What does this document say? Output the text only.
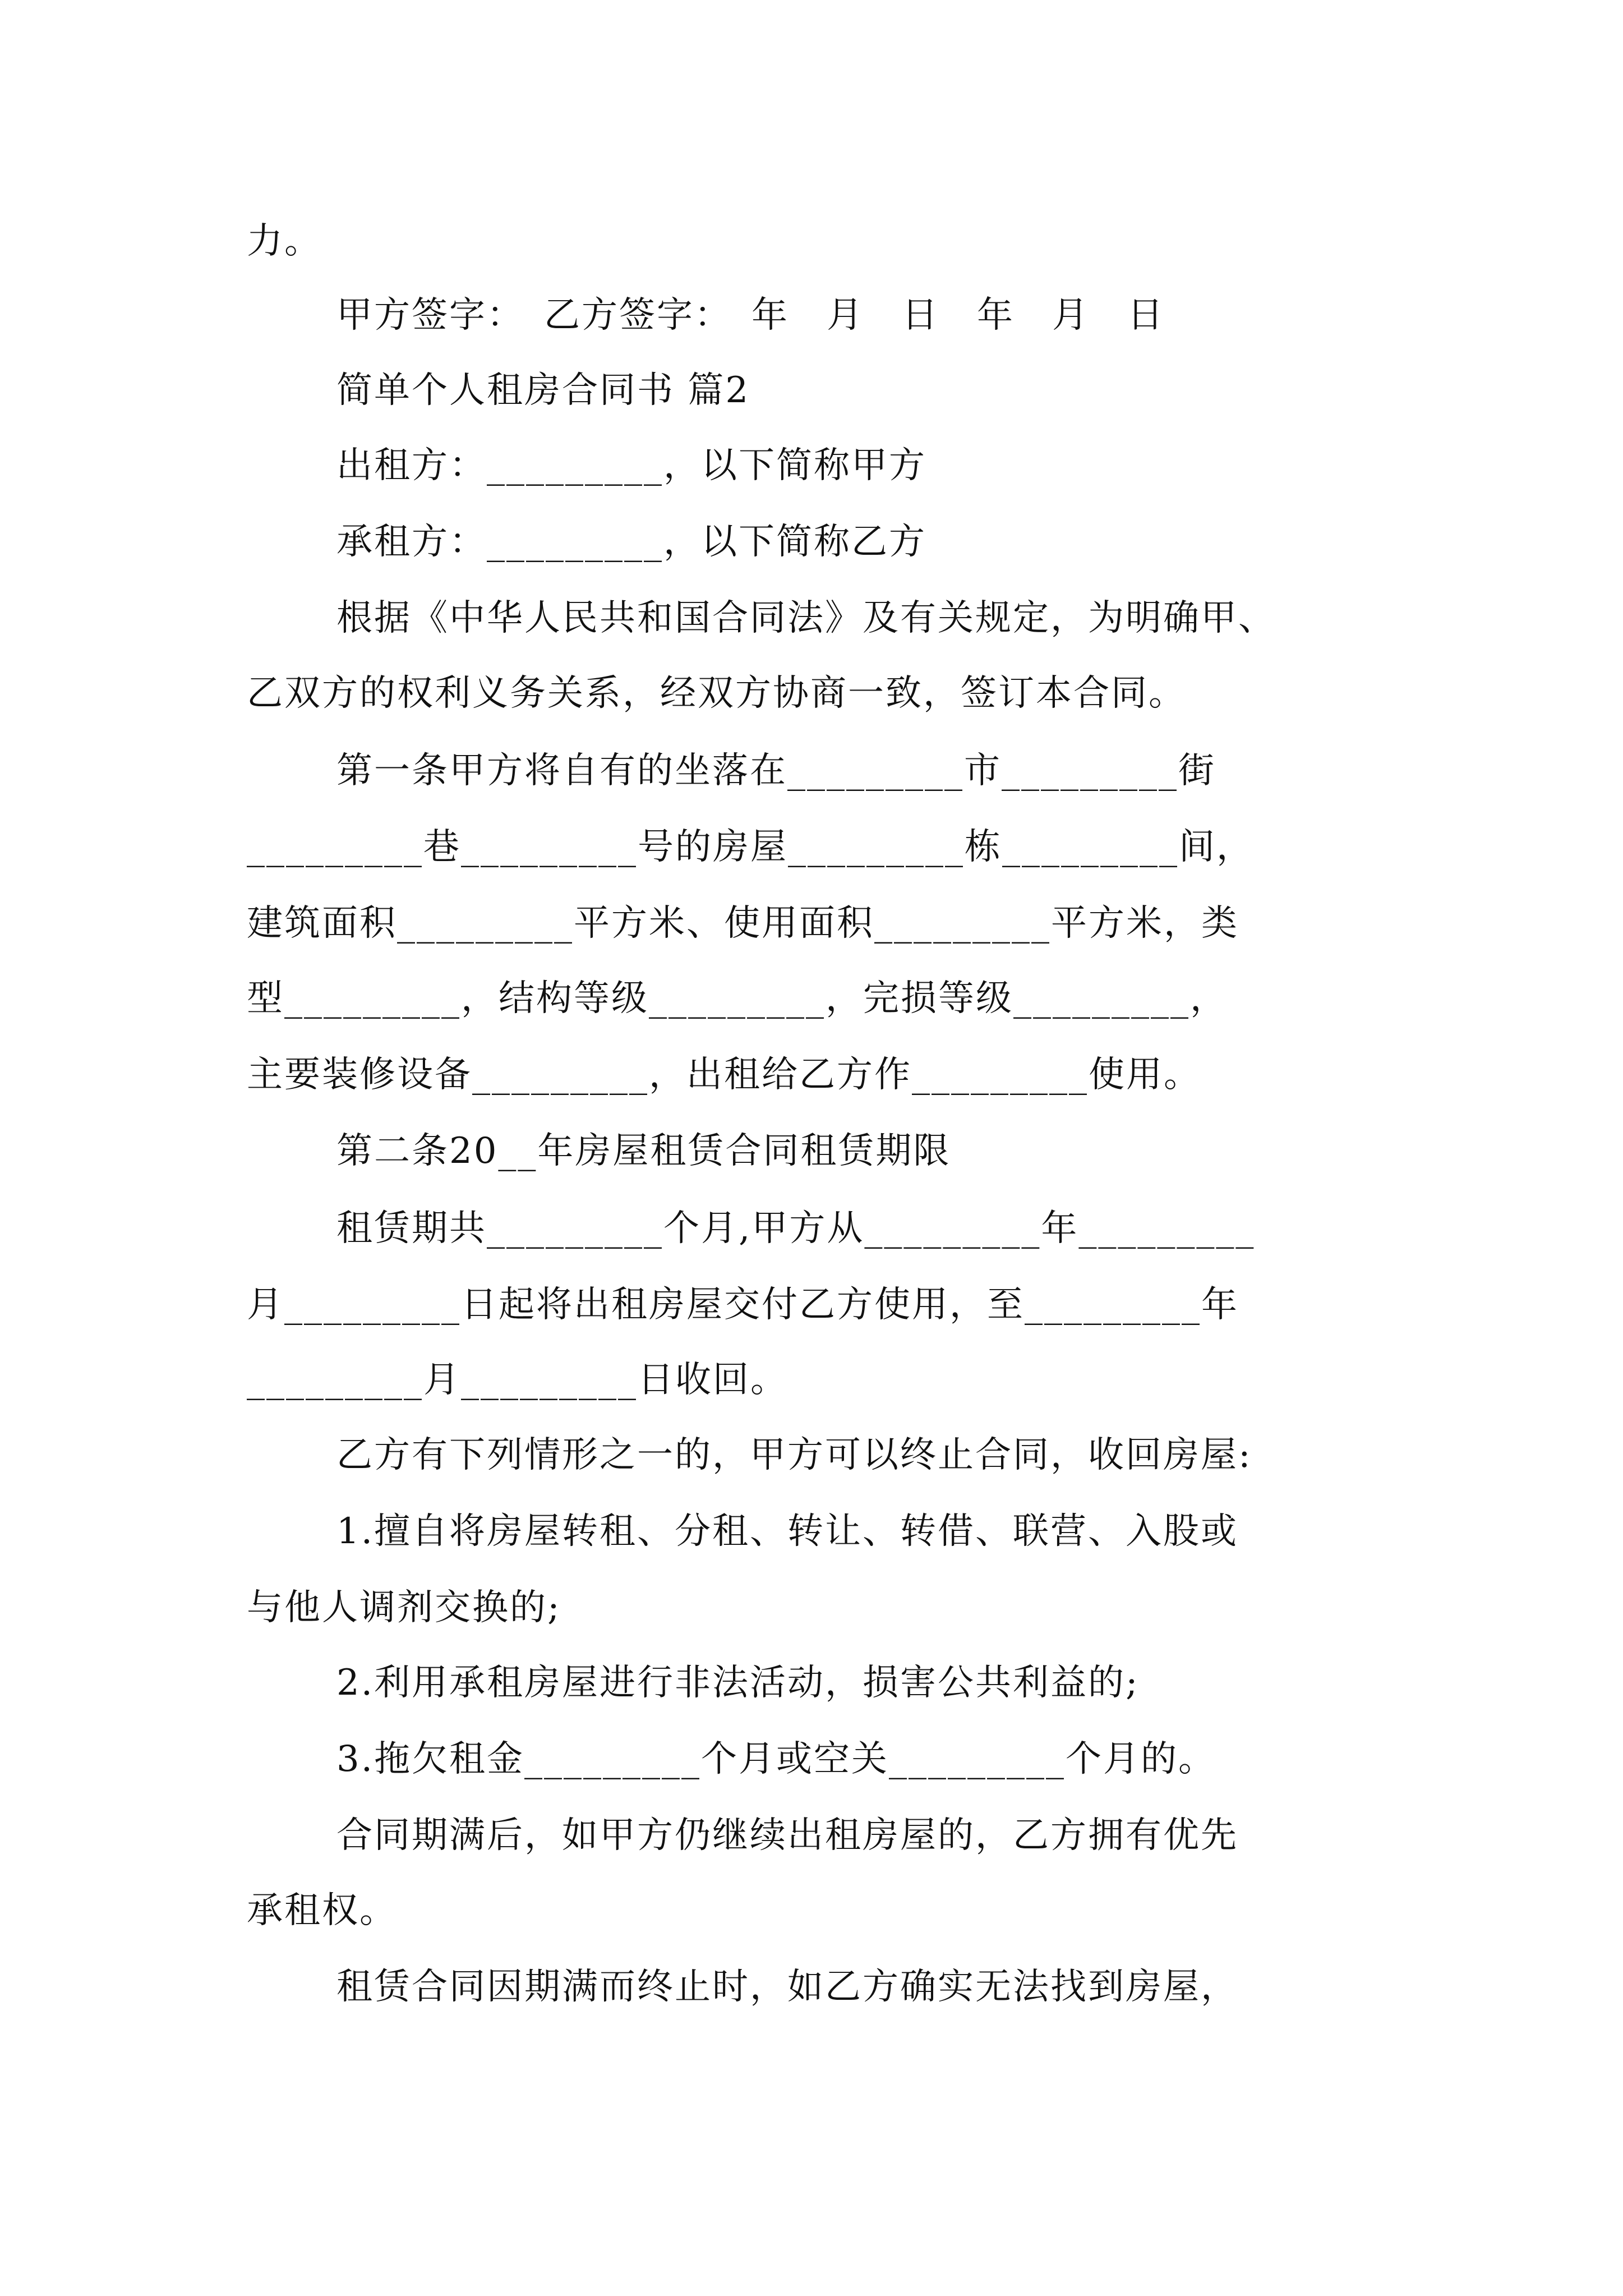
力。

甲方签字：　乙方签字：　年　月　日　年　月　日

简单个人租房合同书 篇2

出租方：_________，以下简称甲方

承租方：_________，以下简称乙方

根据《中华人民共和国合同法》及有关规定，为明确甲、

乙双方的权利义务关系，经双方协商一致，签订本合同。

第一条甲方将自有的坐落在_________市_________街

_________巷_________号的房屋_________栋_________间，

建筑面积_________平方米、使用面积_________平方米，类

型_________，结构等级_________，完损等级_________，

主要装修设备_________，出租给乙方作_________使用。

第二条20__年房屋租赁合同租赁期限

租赁期共_________个月,甲方从_________年_________

月_________日起将出租房屋交付乙方使用，至_________年

_________月_________日收回。

乙方有下列情形之一的，甲方可以终止合同，收回房屋:

1.擅自将房屋转租、分租、转让、转借、联营、入股或

与他人调剂交换的;

2.利用承租房屋进行非法活动，损害公共利益的;

3.拖欠租金_________个月或空关_________个月的。

合同期满后，如甲方仍继续出租房屋的，乙方拥有优先

承租权。

租赁合同因期满而终止时，如乙方确实无法找到房屋，
